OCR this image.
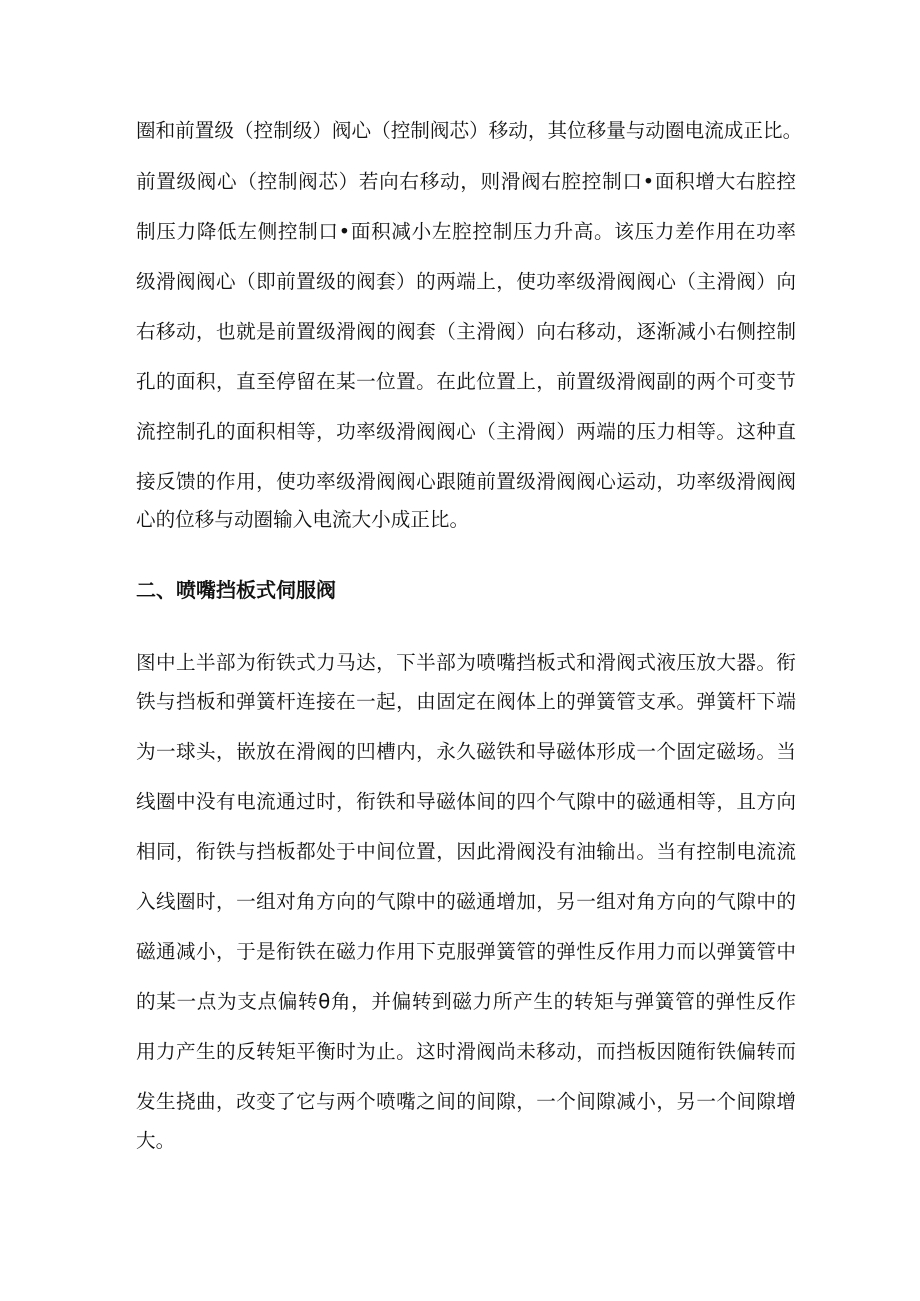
圈和前置级（控制级）阀心（控制阀芯）移动，其位移量与动圈电流成正比。
前置级阀心（控制阀芯）若向右移动，则滑阀右腔控制口•面积增大右腔控
制压力降低左侧控制口•面积减小左腔控制压力升高。该压力差作用在功率
级滑阀阀心（即前置级的阀套）的两端上，使功率级滑阀阀心（主滑阀）向
右移动，也就是前置级滑阀的阀套（主滑阀）向右移动，逐渐减小右侧控制
孔的面积，直至停留在某一位置。在此位置上，前置级滑阀副的两个可变节
流控制孔的面积相等，功率级滑阀阀心（主滑阀）两端的压力相等。这种直
接反馈的作用，使功率级滑阀阀心跟随前置级滑阀阀心运动，功率级滑阀阀
心的位移与动圈输入电流大小成正比。
二、喷嘴挡板式伺服阀
图中上半部为衔铁式力马达，下半部为喷嘴挡板式和滑阀式液压放大器。衔
铁与挡板和弹簧杆连接在一起，由固定在阀体上的弹簧管支承。弹簧杆下端
为一球头，嵌放在滑阀的凹槽内，永久磁铁和导磁体形成一个固定磁场。当
线圈中没有电流通过时，衔铁和导磁体间的四个气隙中的磁通相等，且方向
相同，衔铁与挡板都处于中间位置，因此滑阀没有油输出。当有控制电流流
入线圈时，一组对角方向的气隙中的磁通增加，另一组对角方向的气隙中的
磁通减小，于是衔铁在磁力作用下克服弹簧管的弹性反作用力而以弹簧管中
的某一点为支点偏转θ角，并偏转到磁力所产生的转矩与弹簧管的弹性反作
用力产生的反转矩平衡时为止。这时滑阀尚未移动，而挡板因随衔铁偏转而
发生挠曲，改变了它与两个喷嘴之间的间隙，一个间隙减小，另一个间隙增
大。
